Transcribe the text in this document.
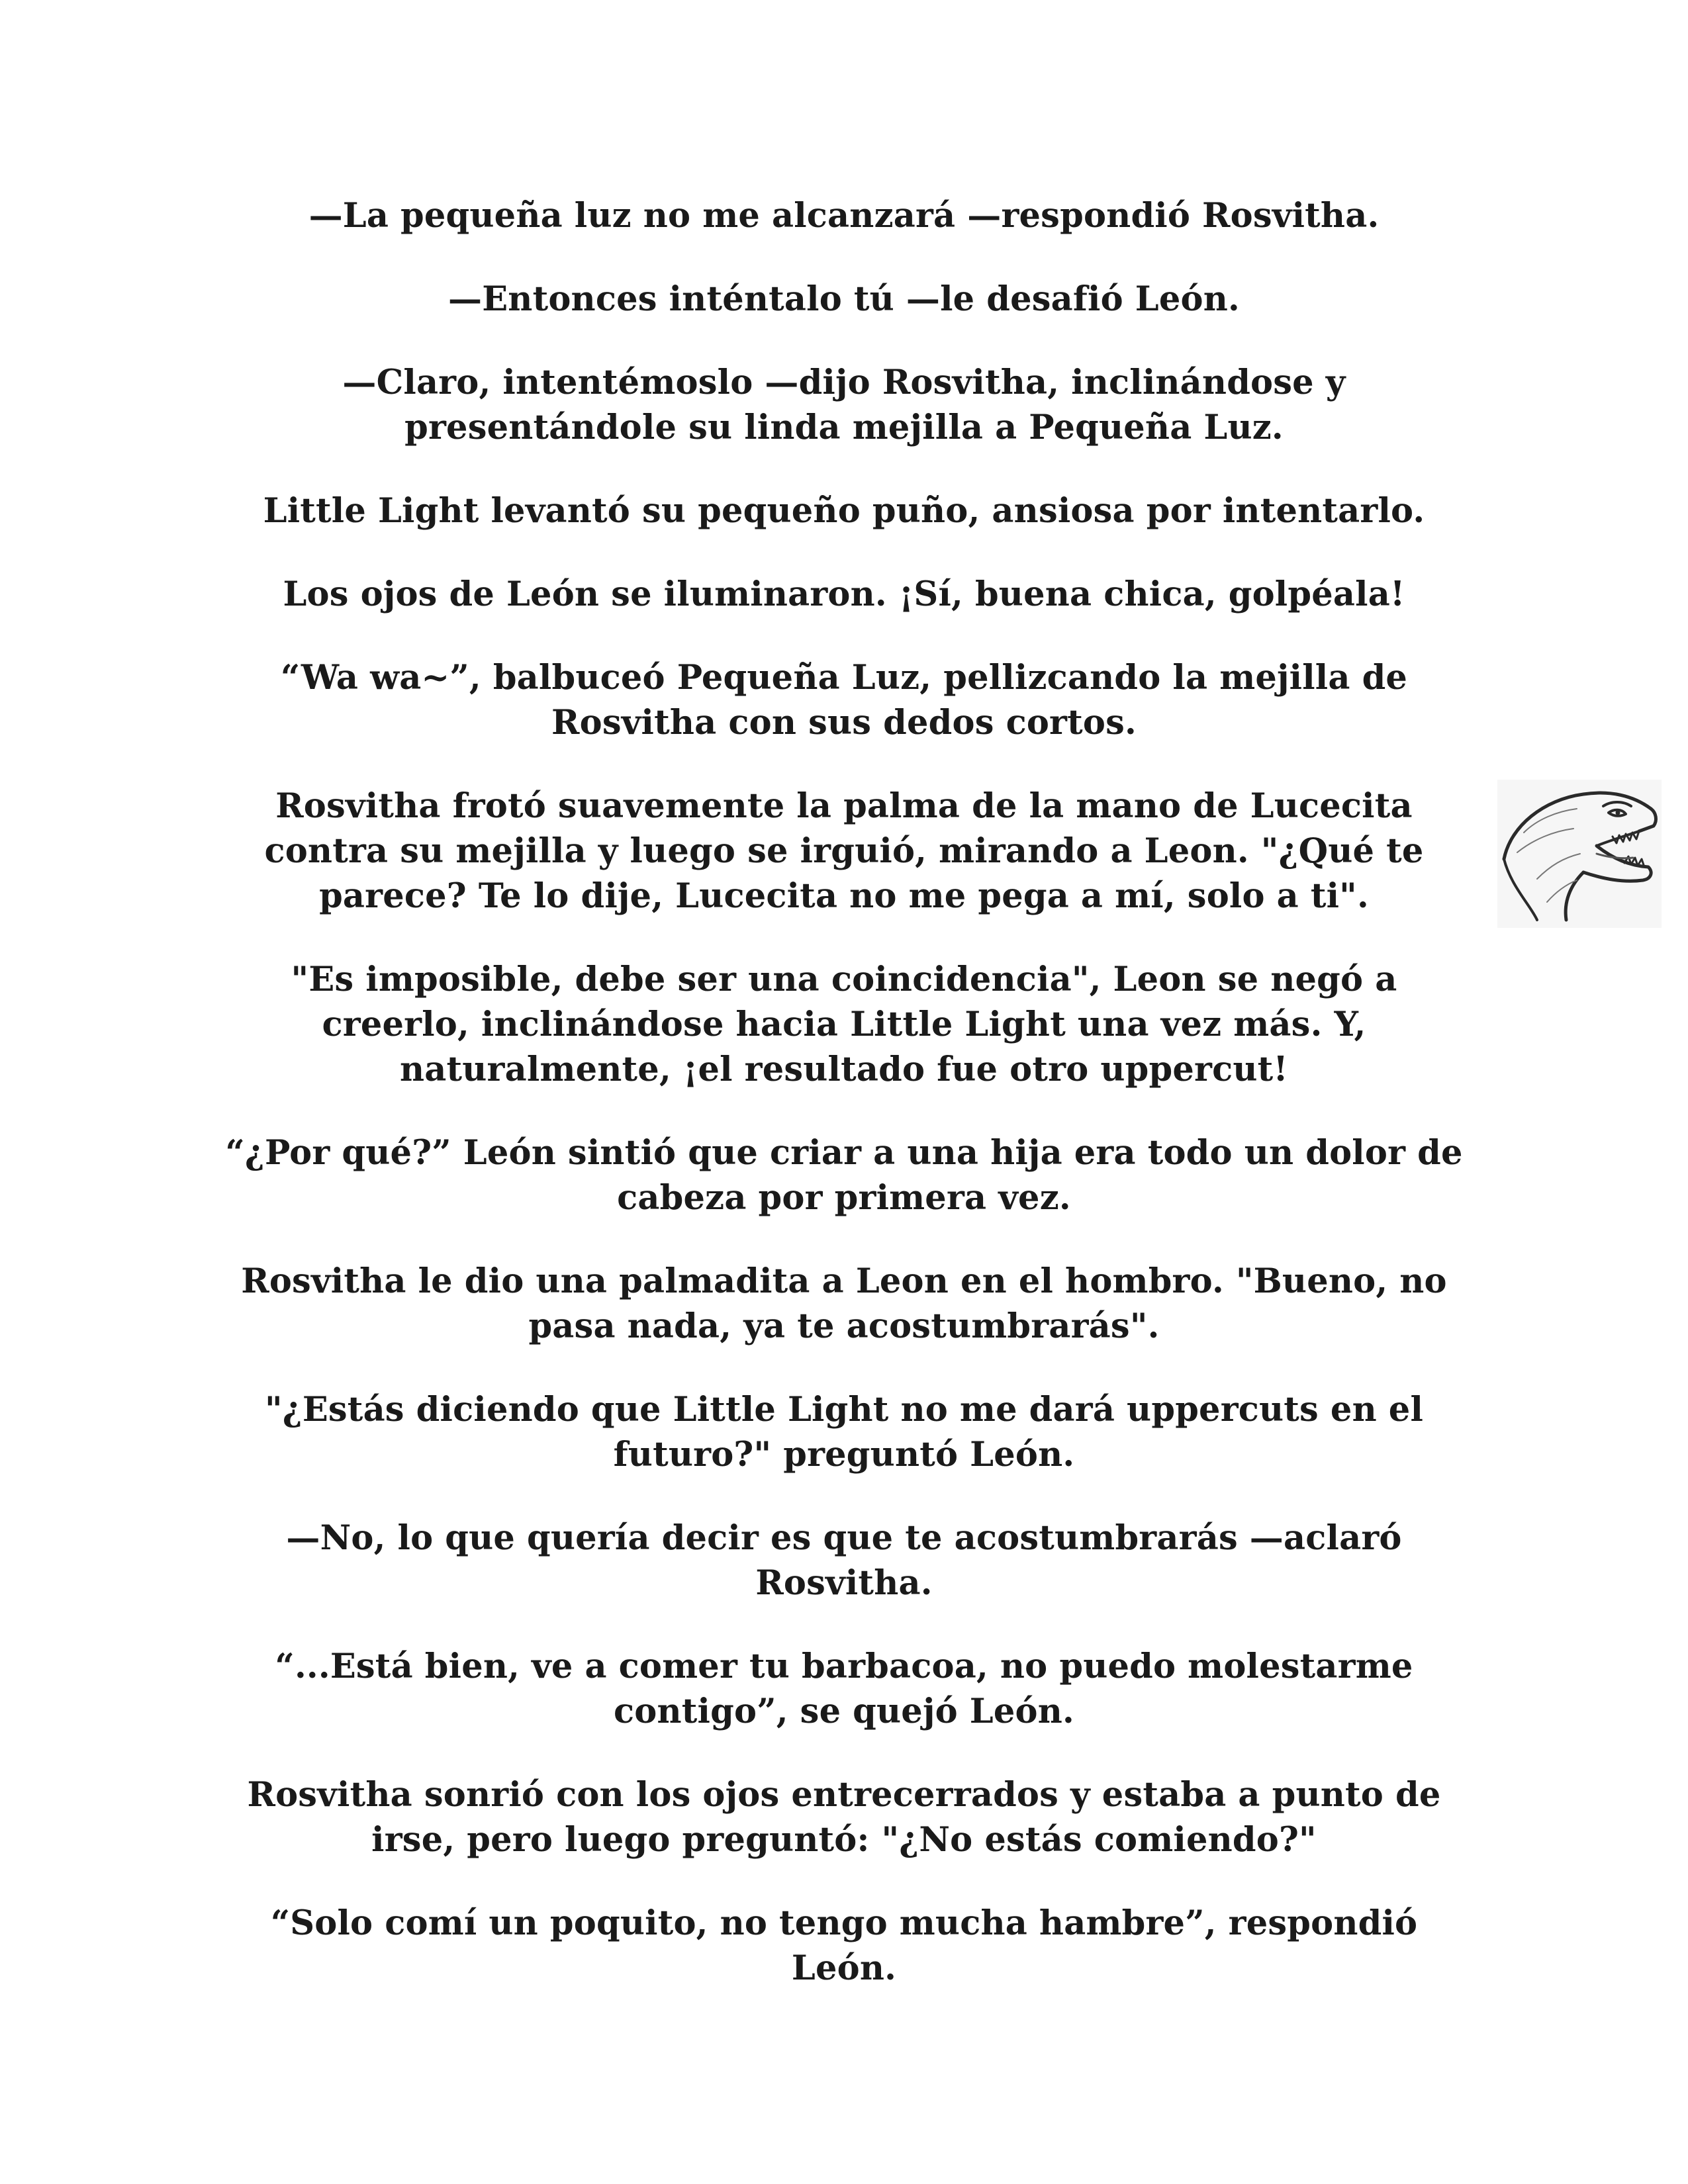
—La pequeña luz no me alcanzará —respondió Rosvitha.

—Entonces inténtalo tú —le desafió León.

—Claro, intentémoslo —dijo Rosvitha, inclinándose y presentándole su linda mejilla a Pequeña Luz.

Little Light levantó su pequeño puño, ansiosa por intentarlo.

Los ojos de León se iluminaron. ¡Sí, buena chica, golpéala!

“Wa wa~”, balbuceó Pequeña Luz, pellizcando la mejilla de Rosvitha con sus dedos cortos.

Rosvitha frotó suavemente la palma de la mano de Lucecita contra su mejilla y luego se irguió, mirando a Leon. "¿Qué te parece? Te lo dije, Lucecita no me pega a mí, solo a ti".

"Es imposible, debe ser una coincidencia", Leon se negó a creerlo, inclinándose hacia Little Light una vez más. Y, naturalmente, ¡el resultado fue otro uppercut!

“¿Por qué?” León sintió que criar a una hija era todo un dolor de cabeza por primera vez.

Rosvitha le dio una palmadita a Leon en el hombro. "Bueno, no pasa nada, ya te acostumbrarás".

"¿Estás diciendo que Little Light no me dará uppercuts en el futuro?" preguntó León.

—No, lo que quería decir es que te acostumbrarás —aclaró Rosvitha.

“...Está bien, ve a comer tu barbacoa, no puedo molestarme contigo”, se quejó León.

Rosvitha sonrió con los ojos entrecerrados y estaba a punto de irse, pero luego preguntó: "¿No estás comiendo?"

“Solo comí un poquito, no tengo mucha hambre”, respondió León.
